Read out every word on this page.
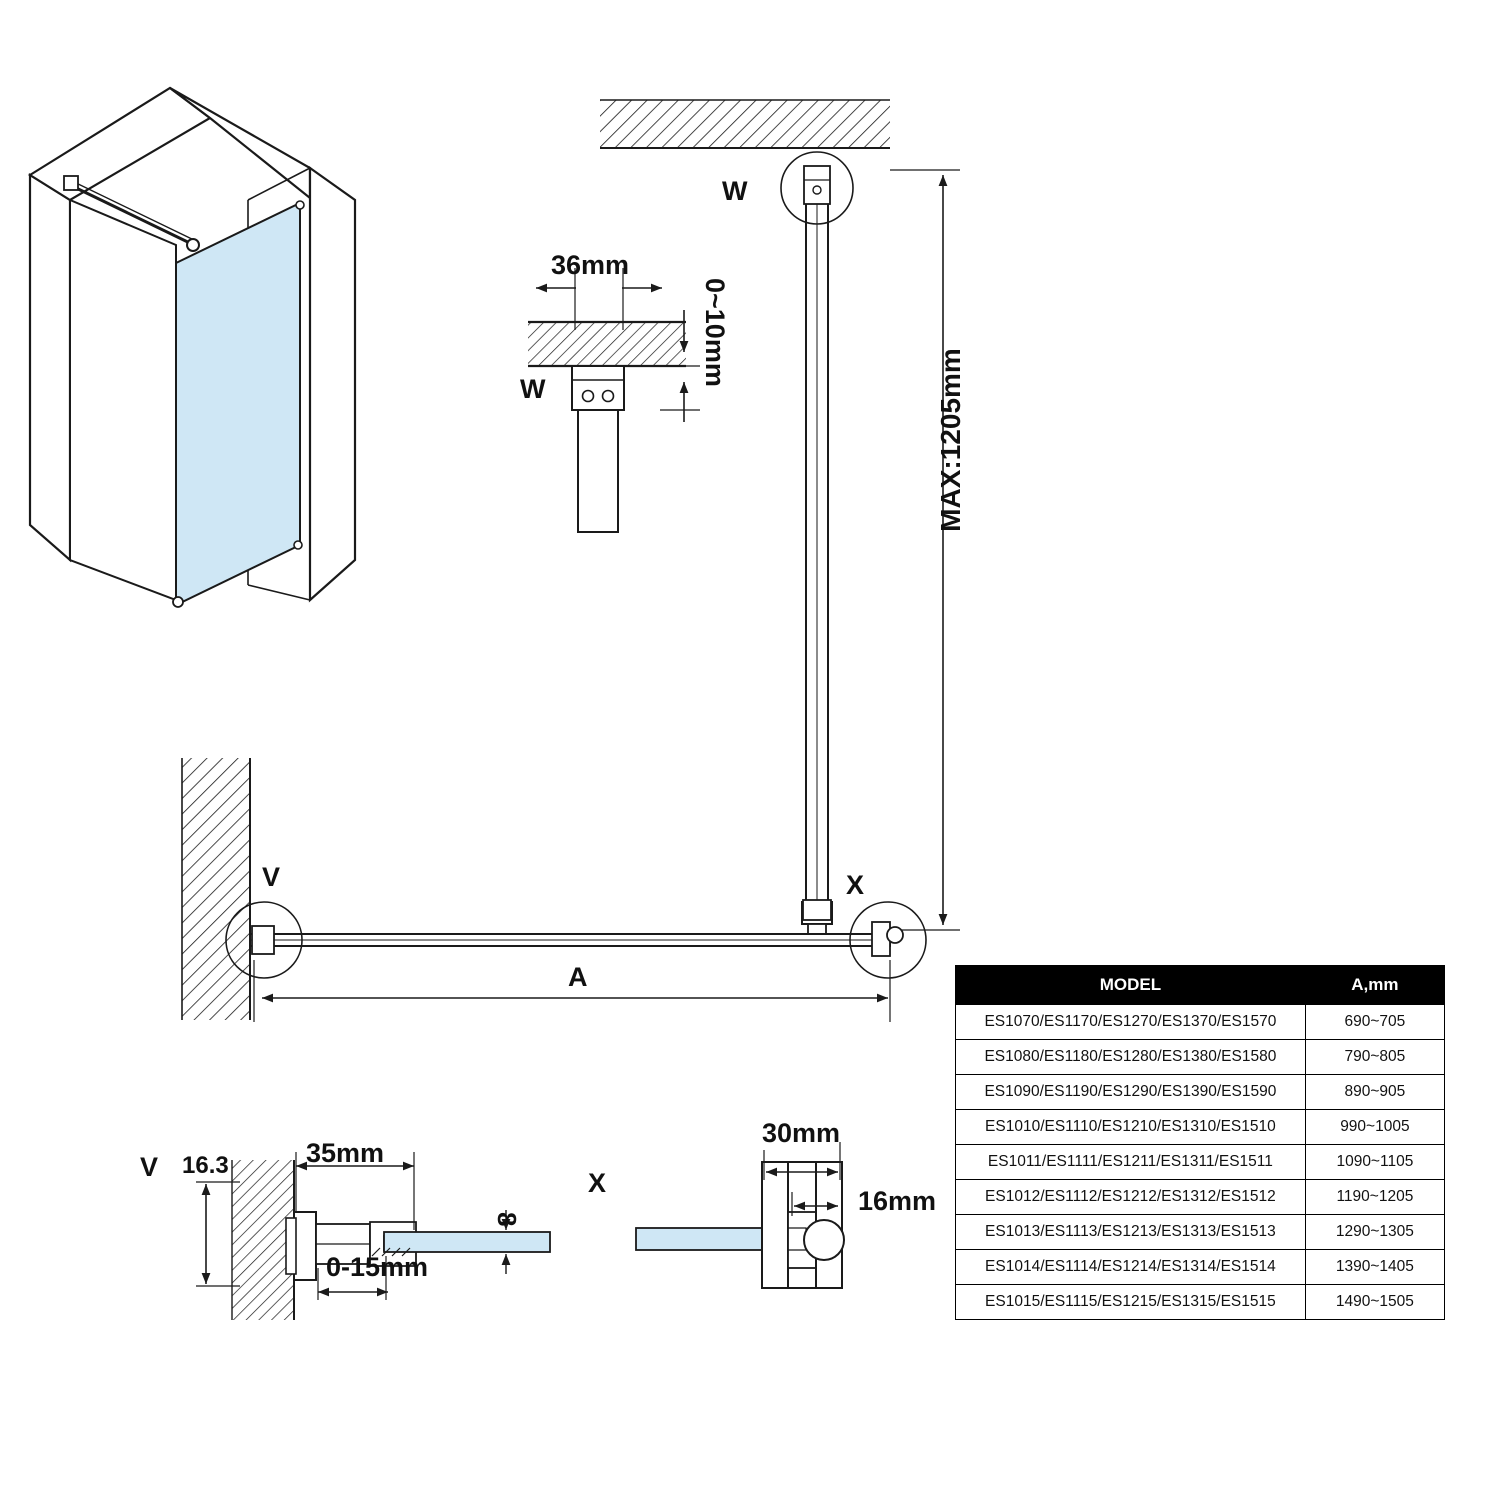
W
W
36mm
0~10mm
MAX:1205mm
V	X
A
V 16.3	35mm
0-15mm
8
X
30mm
16mm
MODEL	A,mm
ES1070/ES1170/ES1270/ES1370/ES1570	690~705
ES1080/ES1180/ES1280/ES1380/ES1580	790~805
ES1090/ES1190/ES1290/ES1390/ES1590	890~905
ES1010/ES1110/ES1210/ES1310/ES1510	990~1005
ES1011/ES1111/ES1211/ES1311/ES1511	1090~1105
ES1012/ES1112/ES1212/ES1312/ES1512	1190~1205
ES1013/ES1113/ES1213/ES1313/ES1513	1290~1305
ES1014/ES1114/ES1214/ES1314/ES1514	1390~1405
ES1015/ES1115/ES1215/ES1315/ES1515	1490~1505
